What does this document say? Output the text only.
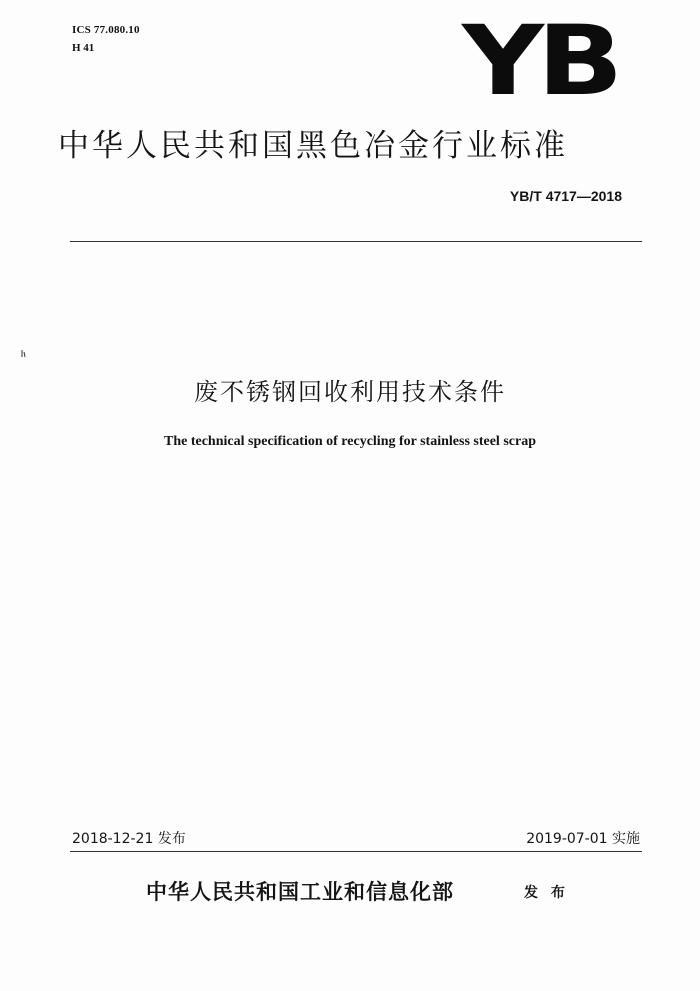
ICS 77.080.10
H 41	YB
中华人民共和国黑色冶金行业标准
YB/T 4717—2018
废不锈钢回收利用技术条件
The technical specification of recycling for stainless steel scrap
2018-12-21 发布	2019-07-01 实施
中华人民共和国工业和信息化部	发 布
